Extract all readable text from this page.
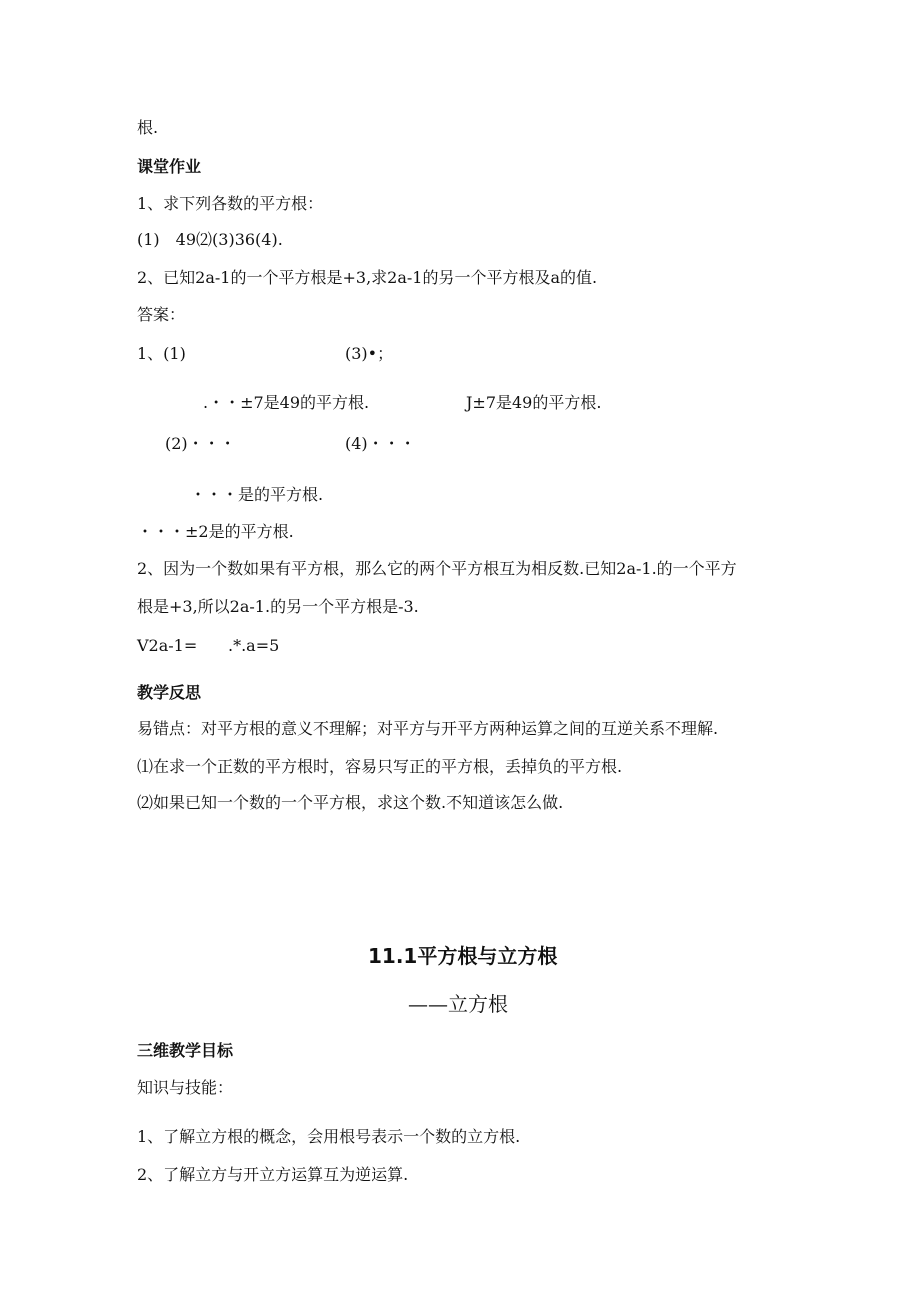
根.
课堂作业
1、求下列各数的平方根：
(1)　49⑵(3)36(4).
2、已知2a-1的一个平方根是+3,求2a-1的另一个平方根及a的值.
答案：
1、(1)	(3)•；
.・・±7是49的平方根.	J±7是49的平方根.
(2)・・・	(4)・・・
・・・是的平方根.
・・・±2是的平方根.
2、因为一个数如果有平方根，那么它的两个平方根互为相反数.已知2a-1.的一个平方
根是+3,所以2a-1.的另一个平方根是-3.
V2a-1= .*.a=5
教学反思
易错点：对平方根的意义不理解；对平方与开平方两种运算之间的互逆关系不理解.
⑴在求一个正数的平方根时，容易只写正的平方根，丢掉负的平方根.
⑵如果已知一个数的一个平方根，求这个数.不知道该怎么做.
11.1平方根与立方根
——立方根
三维教学目标
知识与技能：
1、了解立方根的概念，会用根号表示一个数的立方根.
2、了解立方与开立方运算互为逆运算.
